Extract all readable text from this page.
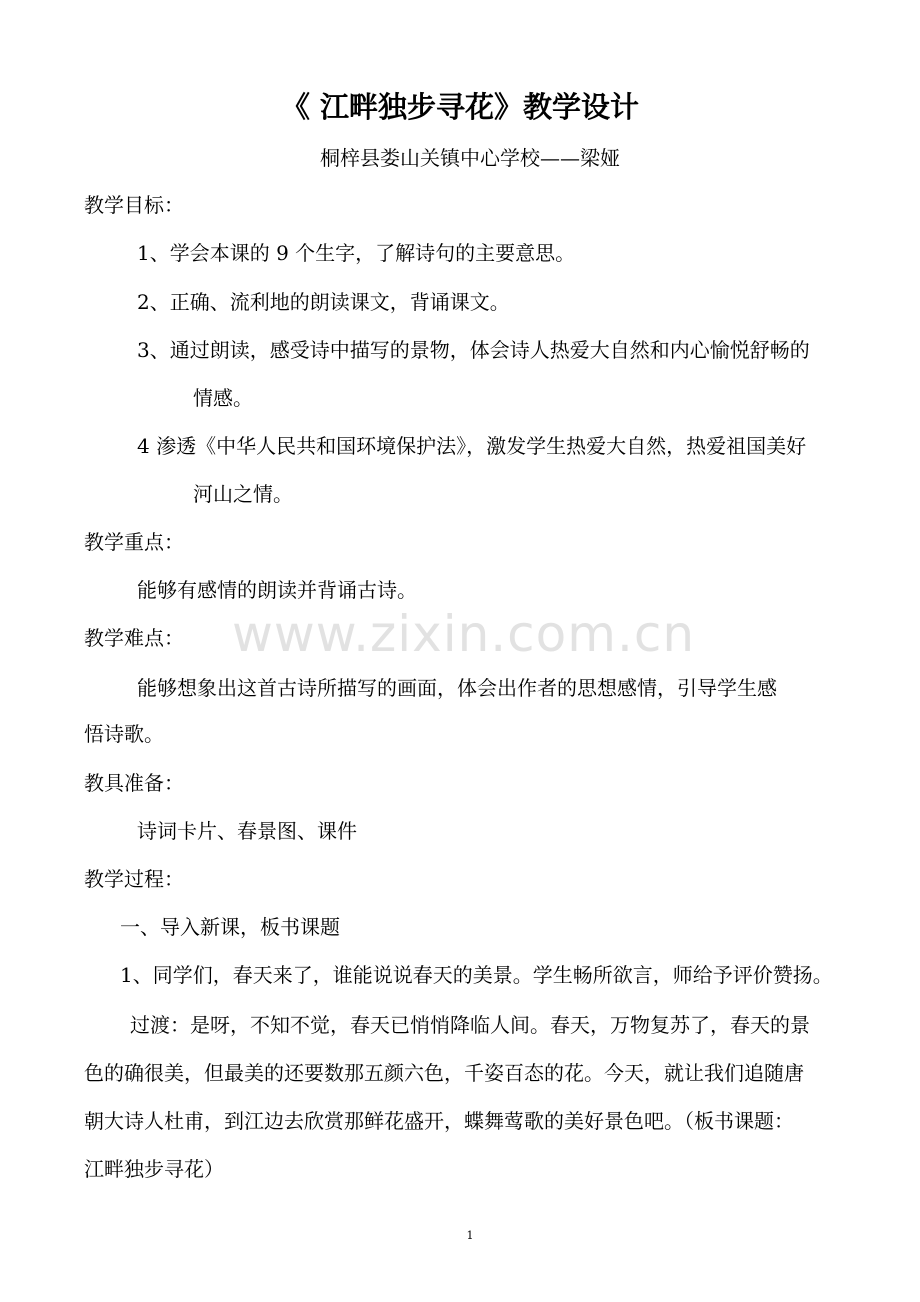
《 江畔独步寻花》教学设计
桐梓县娄山关镇中心学校——梁娅
教学目标：
1、学会本课的 9 个生字，了解诗句的主要意思。
2、正确、流利地的朗读课文，背诵课文。
3、通过朗读，感受诗中描写的景物，体会诗人热爱大自然和内心愉悦舒畅的
情感。
4 渗透《中华人民共和国环境保护法》，激发学生热爱大自然，热爱祖国美好
河山之情。
教学重点：
能够有感情的朗读并背诵古诗。
教学难点：
能够想象出这首古诗所描写的画面，体会出作者的思想感情，引导学生感
悟诗歌。
教具准备：
诗词卡片、春景图、课件
教学过程：
一、导入新课，板书课题
1、同学们，春天来了，谁能说说春天的美景。学生畅所欲言，师给予评价赞扬。
过渡：是呀，不知不觉，春天已悄悄降临人间。春天，万物复苏了，春天的景
色的确很美，但最美的还要数那五颜六色，千姿百态的花。今天，就让我们追随唐
朝大诗人杜甫，到江边去欣赏那鲜花盛开，蝶舞莺歌的美好景色吧。（板书课题：
江畔独步寻花）
www.zixin.com.cn
1
